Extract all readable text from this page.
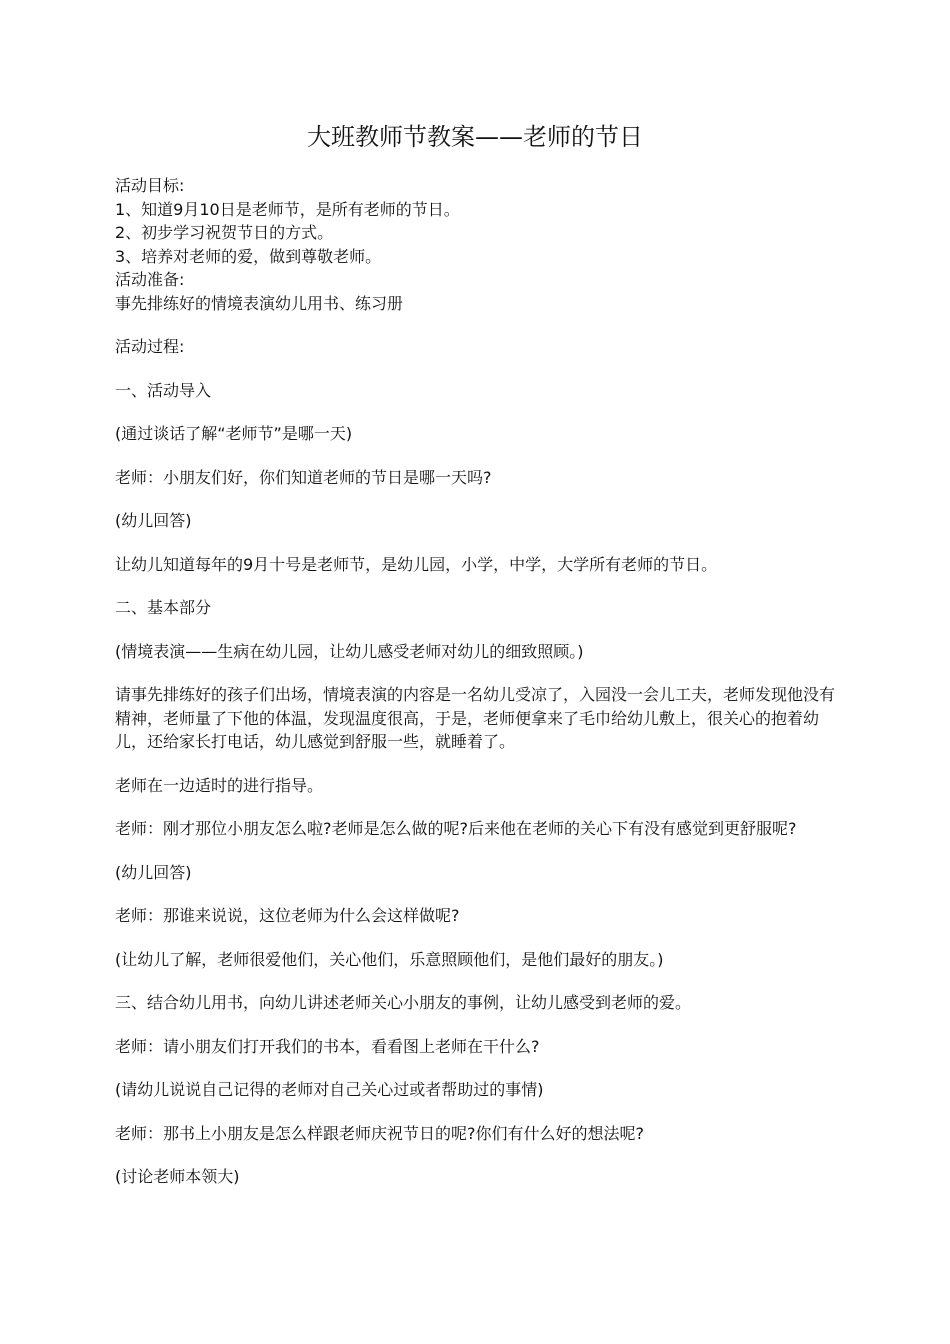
大班教师节教案——老师的节日

活动目标:

1、知道9月10日是老师节，是所有老师的节日。

2、初步学习祝贺节日的方式。

3、培养对老师的爱，做到尊敬老师。

活动准备:

事先排练好的情境表演幼儿用书、练习册

活动过程:

一、活动导入

(通过谈话了解“老师节”是哪一天)

老师：小朋友们好，你们知道老师的节日是哪一天吗?

(幼儿回答)

让幼儿知道每年的9月十号是老师节，是幼儿园，小学，中学，大学所有老师的节日。

二、基本部分

(情境表演——生病在幼儿园，让幼儿感受老师对幼儿的细致照顾。)

请事先排练好的孩子们出场，情境表演的内容是一名幼儿受凉了，入园没一会儿工夫，老师发现他没有精神，老师量了下他的体温，发现温度很高，于是，老师便拿来了毛巾给幼儿敷上，很关心的抱着幼儿，还给家长打电话，幼儿感觉到舒服一些，就睡着了。

老师在一边适时的进行指导。

老师：刚才那位小朋友怎么啦?老师是怎么做的呢?后来他在老师的关心下有没有感觉到更舒服呢?

(幼儿回答)

老师：那谁来说说，这位老师为什么会这样做呢?

(让幼儿了解，老师很爱他们，关心他们，乐意照顾他们，是他们最好的朋友。)

三、结合幼儿用书，向幼儿讲述老师关心小朋友的事例，让幼儿感受到老师的爱。

老师：请小朋友们打开我们的书本，看看图上老师在干什么?

(请幼儿说说自己记得的老师对自己关心过或者帮助过的事情)

老师：那书上小朋友是怎么样跟老师庆祝节日的呢?你们有什么好的想法呢?

(讨论老师本领大)
